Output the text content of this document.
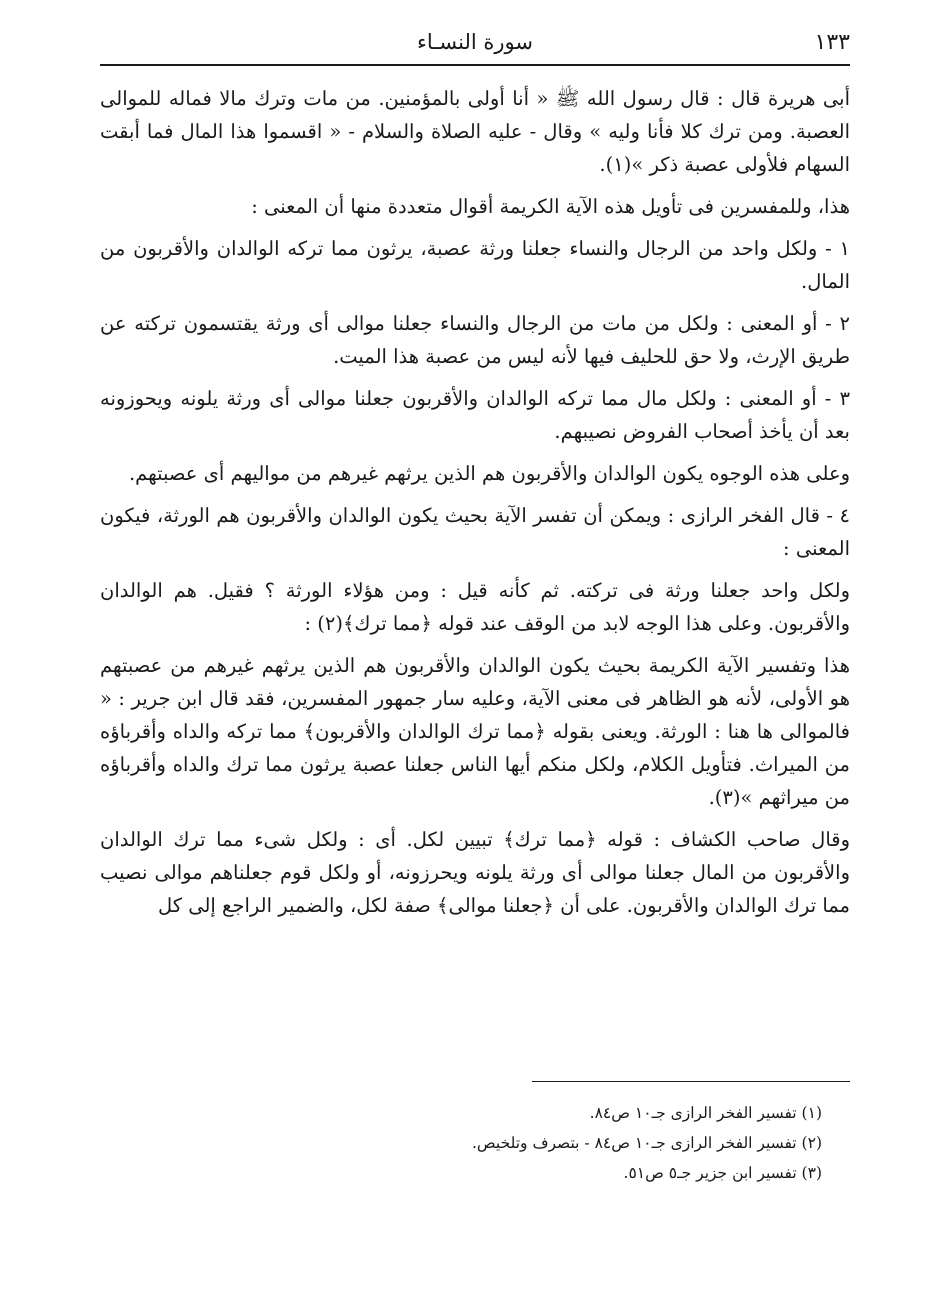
١٣٣
سورة النسـاء

أبى هريرة قال : قال رسول الله ﷺ « أنا أولى بالمؤمنين. من مات وترك مالا فماله للموالى العصبة. ومن ترك كلا فأنا وليه » وقال - عليه الصلاة والسلام - « اقسموا هذا المال فما أبقت السهام فلأولى عصبة ذكر »(١).

هذا، وللمفسرين فى تأويل هذه الآية الكريمة أقوال متعددة منها أن المعنى :

١ - ولكل واحد من الرجال والنساء جعلنا ورثة عصبة، يرثون مما تركه الوالدان والأقربون من المال.

٢ - أو المعنى : ولكل من مات من الرجال والنساء جعلنا موالى أى ورثة يقتسمون تركته عن طريق الإرث، ولا حق للحليف فيها لأنه ليس من عصبة هذا الميت.

٣ - أو المعنى : ولكل مال مما تركه الوالدان والأقربون جعلنا موالى أى ورثة يلونه ويحوزونه بعد أن يأخذ أصحاب الفروض نصيبهم.

وعلى هذه الوجوه يكون الوالدان والأقربون هم الذين يرثهم غيرهم من مواليهم أى عصبتهم.

٤ - قال الفخر الرازى : ويمكن أن تفسر الآية بحيث يكون الوالدان والأقربون هم الورثة، فيكون المعنى :

ولكل واحد جعلنا ورثة فى تركته. ثم كأنه قيل : ومن هؤلاء الورثة ؟ فقيل. هم الوالدان والأقربون. وعلى هذا الوجه لابد من الوقف عند قوله ﴿مما ترك﴾(٢) :

هذا وتفسير الآية الكريمة بحيث يكون الوالدان والأقربون هم الذين يرثهم غيرهم من عصبتهم هو الأولى، لأنه هو الظاهر فى معنى الآية، وعليه سار جمهور المفسرين، فقد قال ابن جرير : « فالموالى ها هنا : الورثة. ويعنى بقوله ﴿مما ترك الوالدان والأقربون﴾ مما تركه والداه وأقرباؤه من الميراث. فتأويل الكلام، ولكل منكم أيها الناس جعلنا عصبة يرثون مما ترك والداه وأقرباؤه من ميراثهم »(٣).

وقال صاحب الكشاف : قوله ﴿مما ترك﴾ تبيين لكل. أى : ولكل شىء مما ترك الوالدان والأقربون من المال جعلنا موالى أى ورثة يلونه ويحرزونه، أو ولكل قوم جعلناهم موالى نصيب مما ترك الوالدان والأقربون. على أن ﴿جعلنا موالى﴾ صفة لكل، والضمير الراجع إلى كل

(١) تفسير الفخر الرازى جـ١٠ ص٨٤.

(٢) تفسير الفخر الرازى جـ١٠ ص٨٤ - بتصرف وتلخيص.

(٣) تفسير ابن جزير جـ٥ ص٥١.
